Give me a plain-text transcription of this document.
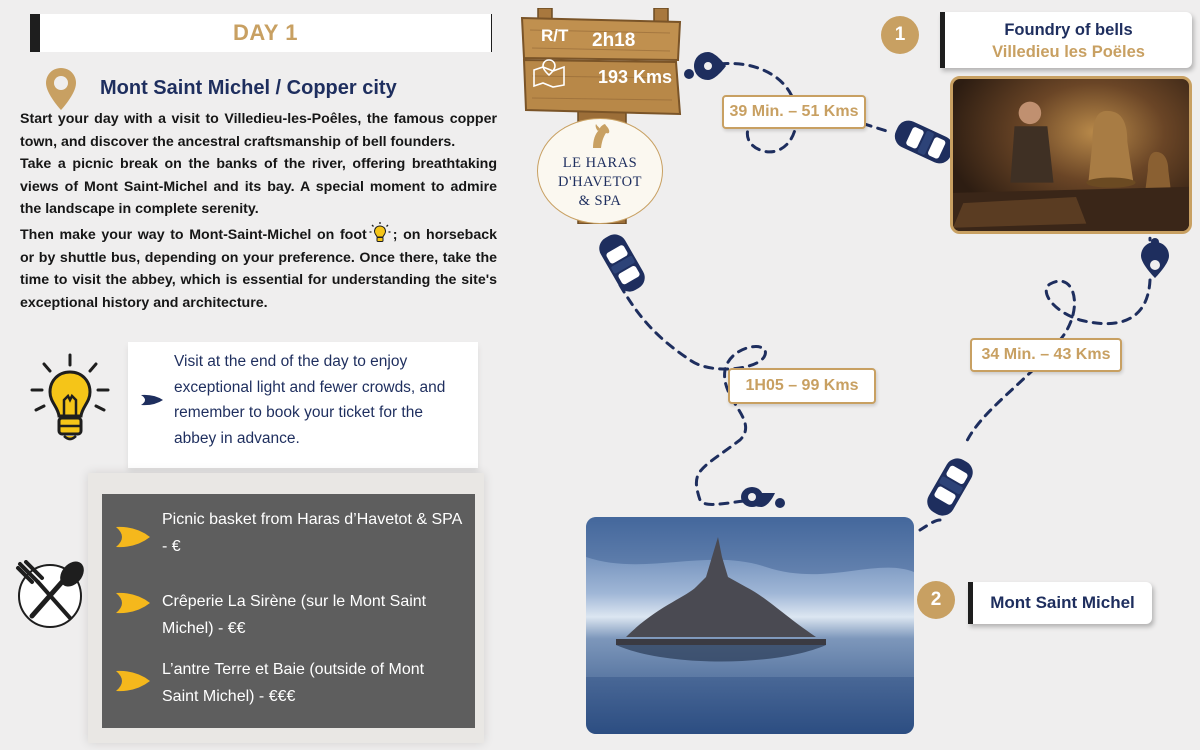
DAY 1
Mont Saint Michel / Copper city

Start your day with a visit to Villedieu-les-Poêles, the famous copper town, and discover the ancestral craftsmanship of bell founders.

Take a picnic break on the banks of the river, offering breathtaking views of Mont Saint-Michel and its bay. A special moment to admire the landscape in complete serenity.

Then make your way to Mont-Saint-Michel on foot ; on horseback or by shuttle bus, depending on your preference. Once there, take the time to visit the abbey, which is essential for understanding the site's exceptional history and architecture.

Visit at the end of the day to enjoy exceptional light and fewer crowds, and remember to book your ticket for the abbey in advance.
Picnic basket from Haras d’Havetot & SPA - €
Crêperie La Sirène (sur le Mont Saint Michel) - €€
L’antre Terre et Baie (outside of Mont Saint Michel) - €€€
R/T 2h18
193 Kms
LE HARAS
D'HAVETOT
& SPA
1	Foundry of bells
Villedieu les Poëles
2	Mont Saint Michel
39 Min. – 51 Kms
1H05 – 99 Kms
34 Min. – 43 Kms
